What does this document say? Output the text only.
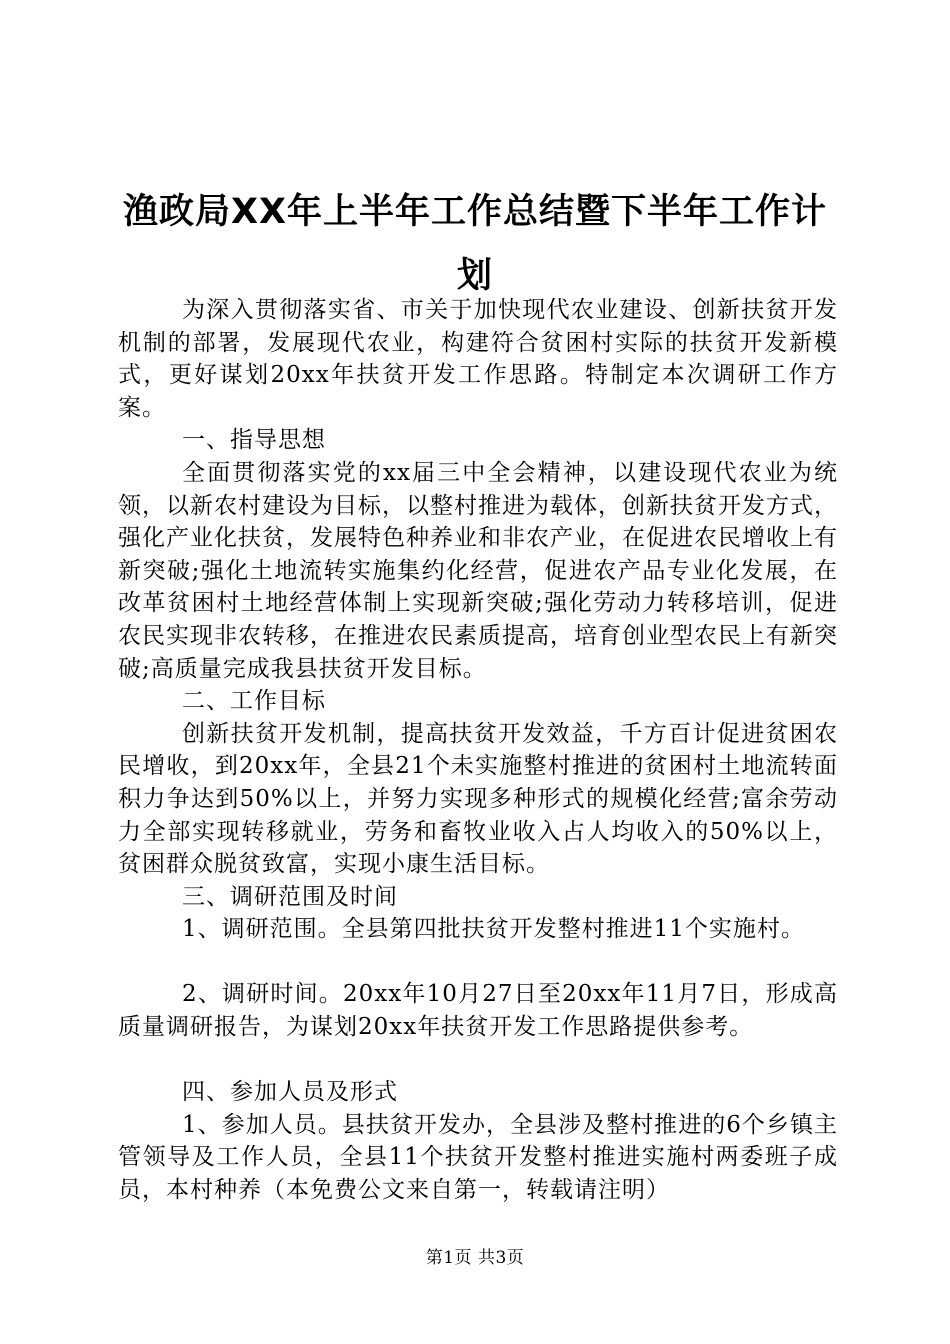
渔政局XX年上半年工作总结暨下半年工作计
划

为深入贯彻落实省、市关于加快现代农业建设、创新扶贫开发机制的部署，发展现代农业，构建符合贫困村实际的扶贫开发新模式，更好谋划20xx年扶贫开发工作思路。特制定本次调研工作方案。

一、指导思想

全面贯彻落实党的xx届三中全会精神，以建设现代农业为统领，以新农村建设为目标，以整村推进为载体，创新扶贫开发方式，强化产业化扶贫，发展特色种养业和非农产业，在促进农民增收上有新突破;强化土地流转实施集约化经营，促进农产品专业化发展，在改革贫困村土地经营体制上实现新突破;强化劳动力转移培训，促进农民实现非农转移，在推进农民素质提高，培育创业型农民上有新突破;高质量完成我县扶贫开发目标。

二、工作目标

创新扶贫开发机制，提高扶贫开发效益，千方百计促进贫困农民增收，到20xx年，全县21个未实施整村推进的贫困村土地流转面积力争达到50%以上，并努力实现多种形式的规模化经营;富余劳动力全部实现转移就业，劳务和畜牧业收入占人均收入的50%以上，贫困群众脱贫致富，实现小康生活目标。

三、调研范围及时间

1、调研范围。全县第四批扶贫开发整村推进11个实施村。

2、调研时间。20xx年10月27日至20xx年11月7日，形成高质量调研报告，为谋划20xx年扶贫开发工作思路提供参考。

四、参加人员及形式

1、参加人员。县扶贫开发办，全县涉及整村推进的6个乡镇主管领导及工作人员，全县11个扶贫开发整村推进实施村两委班子成员，本村种养（本免费公文来自第一，转载请注明）

第1页 共3页
